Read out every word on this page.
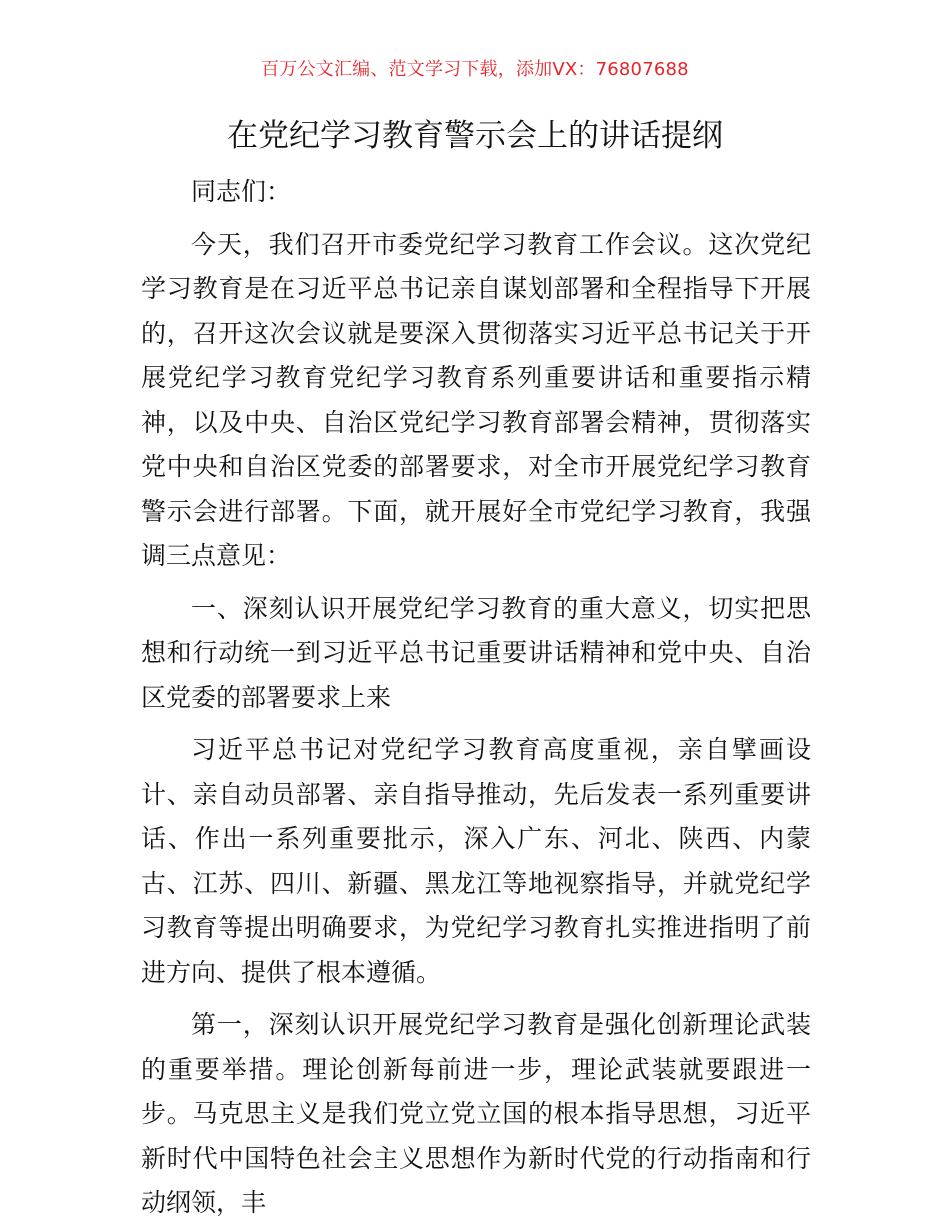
百万公文汇编、范文学习下载，添加VX：76807688
在党纪学习教育警示会上的讲话提纲

同志们：

今天，我们召开市委党纪学习教育工作会议。这次党纪学习教育是在习近平总书记亲自谋划部署和全程指导下开展的，召开这次会议就是要深入贯彻落实习近平总书记关于开展党纪学习教育党纪学习教育系列重要讲话和重要指示精神，以及中央、自治区党纪学习教育部署会精神，贯彻落实党中央和自治区党委的部署要求，对全市开展党纪学习教育警示会进行部署。下面，就开展好全市党纪学习教育，我强调三点意见：

一、深刻认识开展党纪学习教育的重大意义，切实把思想和行动统一到习近平总书记重要讲话精神和党中央、自治区党委的部署要求上来

习近平总书记对党纪学习教育高度重视，亲自擘画设计、亲自动员部署、亲自指导推动，先后发表一系列重要讲话、作出一系列重要批示，深入广东、河北、陕西、内蒙古、江苏、四川、新疆、黑龙江等地视察指导，并就党纪学习教育等提出明确要求，为党纪学习教育扎实推进指明了前进方向、提供了根本遵循。

第一，深刻认识开展党纪学习教育是强化创新理论武装的重要举措。理论创新每前进一步，理论武装就要跟进一步。马克思主义是我们党立党立国的根本指导思想，习近平新时代中国特色社会主义思想作为新时代党的行动指南和行动纲领，丰
